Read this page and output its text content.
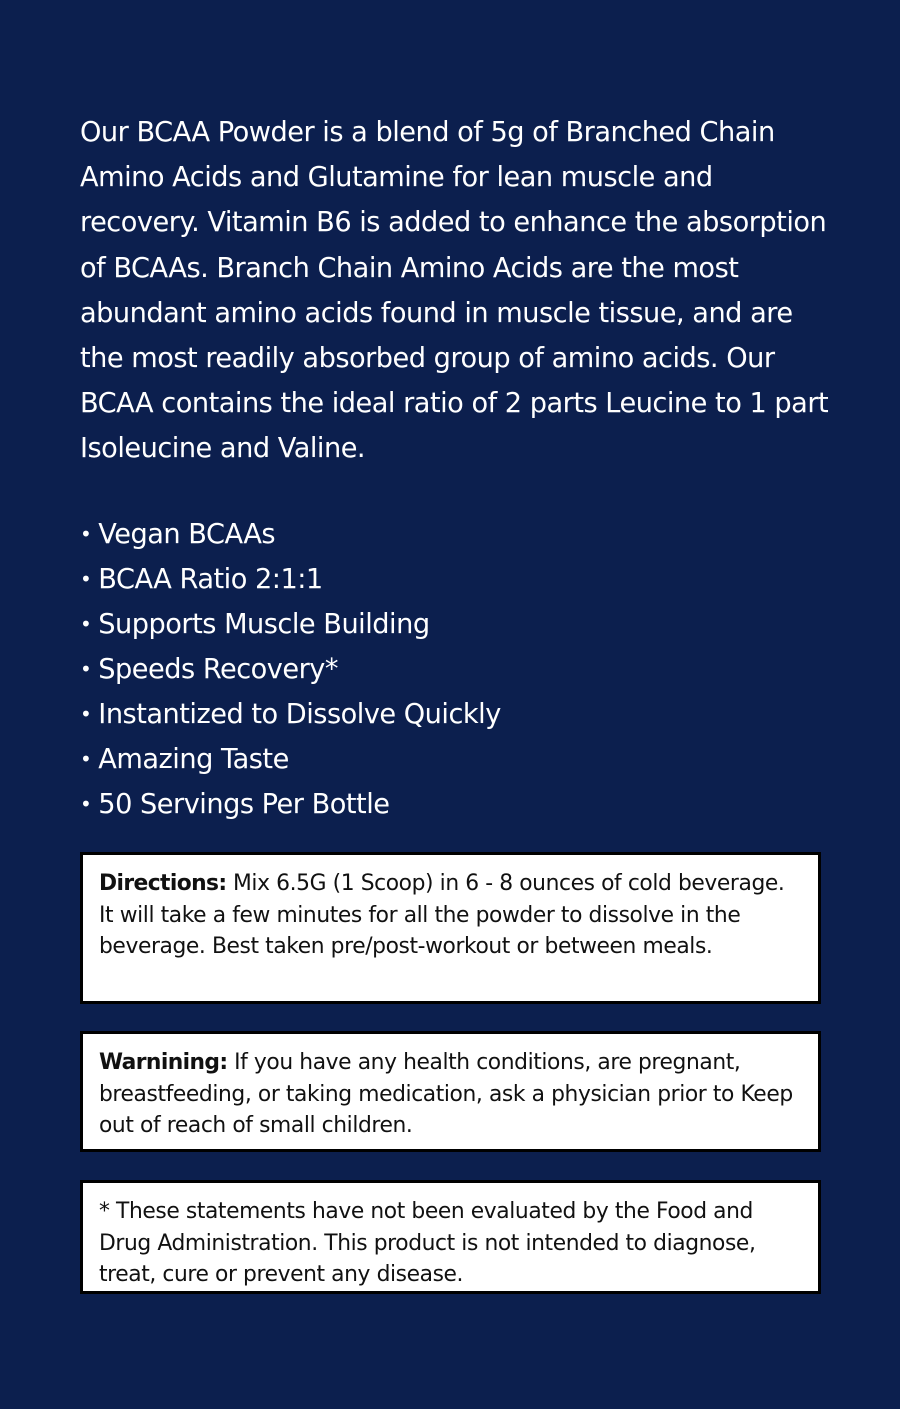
Our BCAA Powder is a blend of 5g of Branched Chain Amino Acids and Glutamine for lean muscle and recovery. Vitamin B6 is added to enhance the absorption of BCAAs. Branch Chain Amino Acids are the most abundant amino acids found in muscle tissue, and are the most readily absorbed group of amino acids. Our BCAA contains the ideal ratio of 2 parts Leucine to 1 part Isoleucine and Valine.

• Vegan BCAAs
• BCAA Ratio 2:1:1
• Supports Muscle Building
• Speeds Recovery*
• Instantized to Dissolve Quickly
• Amazing Taste
• 50 Servings Per Bottle

Directions: Mix 6.5G (1 Scoop) in 6 - 8 ounces of cold beverage. It will take a few minutes for all the powder to dissolve in the beverage. Best taken pre/post-workout or between meals.

Warnining: If you have any health conditions, are pregnant, breastfeeding, or taking medication, ask a physician prior to Keep out of reach of small children.

* These statements have not been evaluated by the Food and Drug Administration. This product is not intended to diagnose, treat, cure or prevent any disease.
